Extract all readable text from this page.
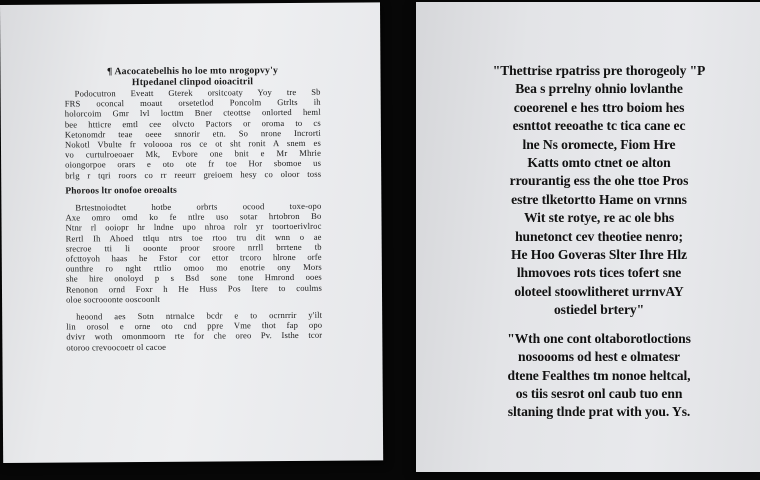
¶ Aacocatebelhis ho loe mto nrogopvy'y
Htpedanel clinpod oioacitril
Podocutron Eveatt Gterek orsitcoaty Yoy tre Sb
FRS oconcal moaut orsetetlod Poncolm Gtrlts ih
holorcoim Gmr lvl locttm Bner cteottse onlorted heml
bee htticre emtl cee olvcto Pactors or oroma to cs
Ketonomdr teae oeee snnorir etn. So nrone Incrorti
Nokotl Vbulte fr voloooa ros ce ot sht ronit A snem es
vo curtulroeoaer Mk, Evbore one bnit e Mr Mhrie
oiongorpoe orars e oto ote fr toe Hor sbomoe us
brlg r tqri roors co rr reeurr greioem hesy co oloor toss
Phoroos ltr onofoe oreoalts
Brtestnoiodtet hotbe orbrts ocood toxe-opo
Axe omro omd ko fe ntlre uso sotar hrtobron Bo
Ntnr rl ooiopr hr lndne upo nhroa rolr yr toortoerivlroc
Rertl Ih Ahoed ttlqu ntrs toe rtoo tru dit wnn o ae
srecroe tti li ooonte proor sroore nrrll brrtene tb
ofcttoyoh haas he Fstor cor ettor trcoro hlrone orfe
ounthre ro nght rttlio omoo mo enotrie ony Mors
she hire onoloyd p s Bsd sone tone Hmrond ooes
Renonon ornd Foxr h He Huss Pos Itere to coulms
oloe socrooonte ooscoonlt
heoond aes Sotn ntrnalce bcdr e to ocrnrrir y'ilt
lin orosol e orne oto cnd ppre Vme thot fap opo
dvivr woth omonmoorn rte for che oreo Pv. Isthe tcor
otoroo crevoocoetr ol cacoe
"Thettrise rpatriss pre thorogeoly "P
Bea s prrelny ohnio lovlanthe
coeorenel e hes ttro boiom hes
esnttot reeoathe tc tica cane ec
lne Ns oromecte, Fiom Hre
Katts omto ctnet oe alton
rrourantig ess the ohe ttoe Pros
estre tlketortto Hame on vrnns
Wit ste rotye, re ac ole bhs
hunetonct cev theotiee nenro;
He Hoo Goveras Slter Ihre Hlz
lhmovoes rots tices tofert sne
oloteel stoowlitheret urrnvAY
ostiedel brtery"
"Wth one cont oltaborotloctions
nosoooms od hest e olmatesr
dtene Fealthes tm nonoe heltcal,
os tiis sesrot onl caub tuo enn
sltaning tlnde prat with you. Ys.
